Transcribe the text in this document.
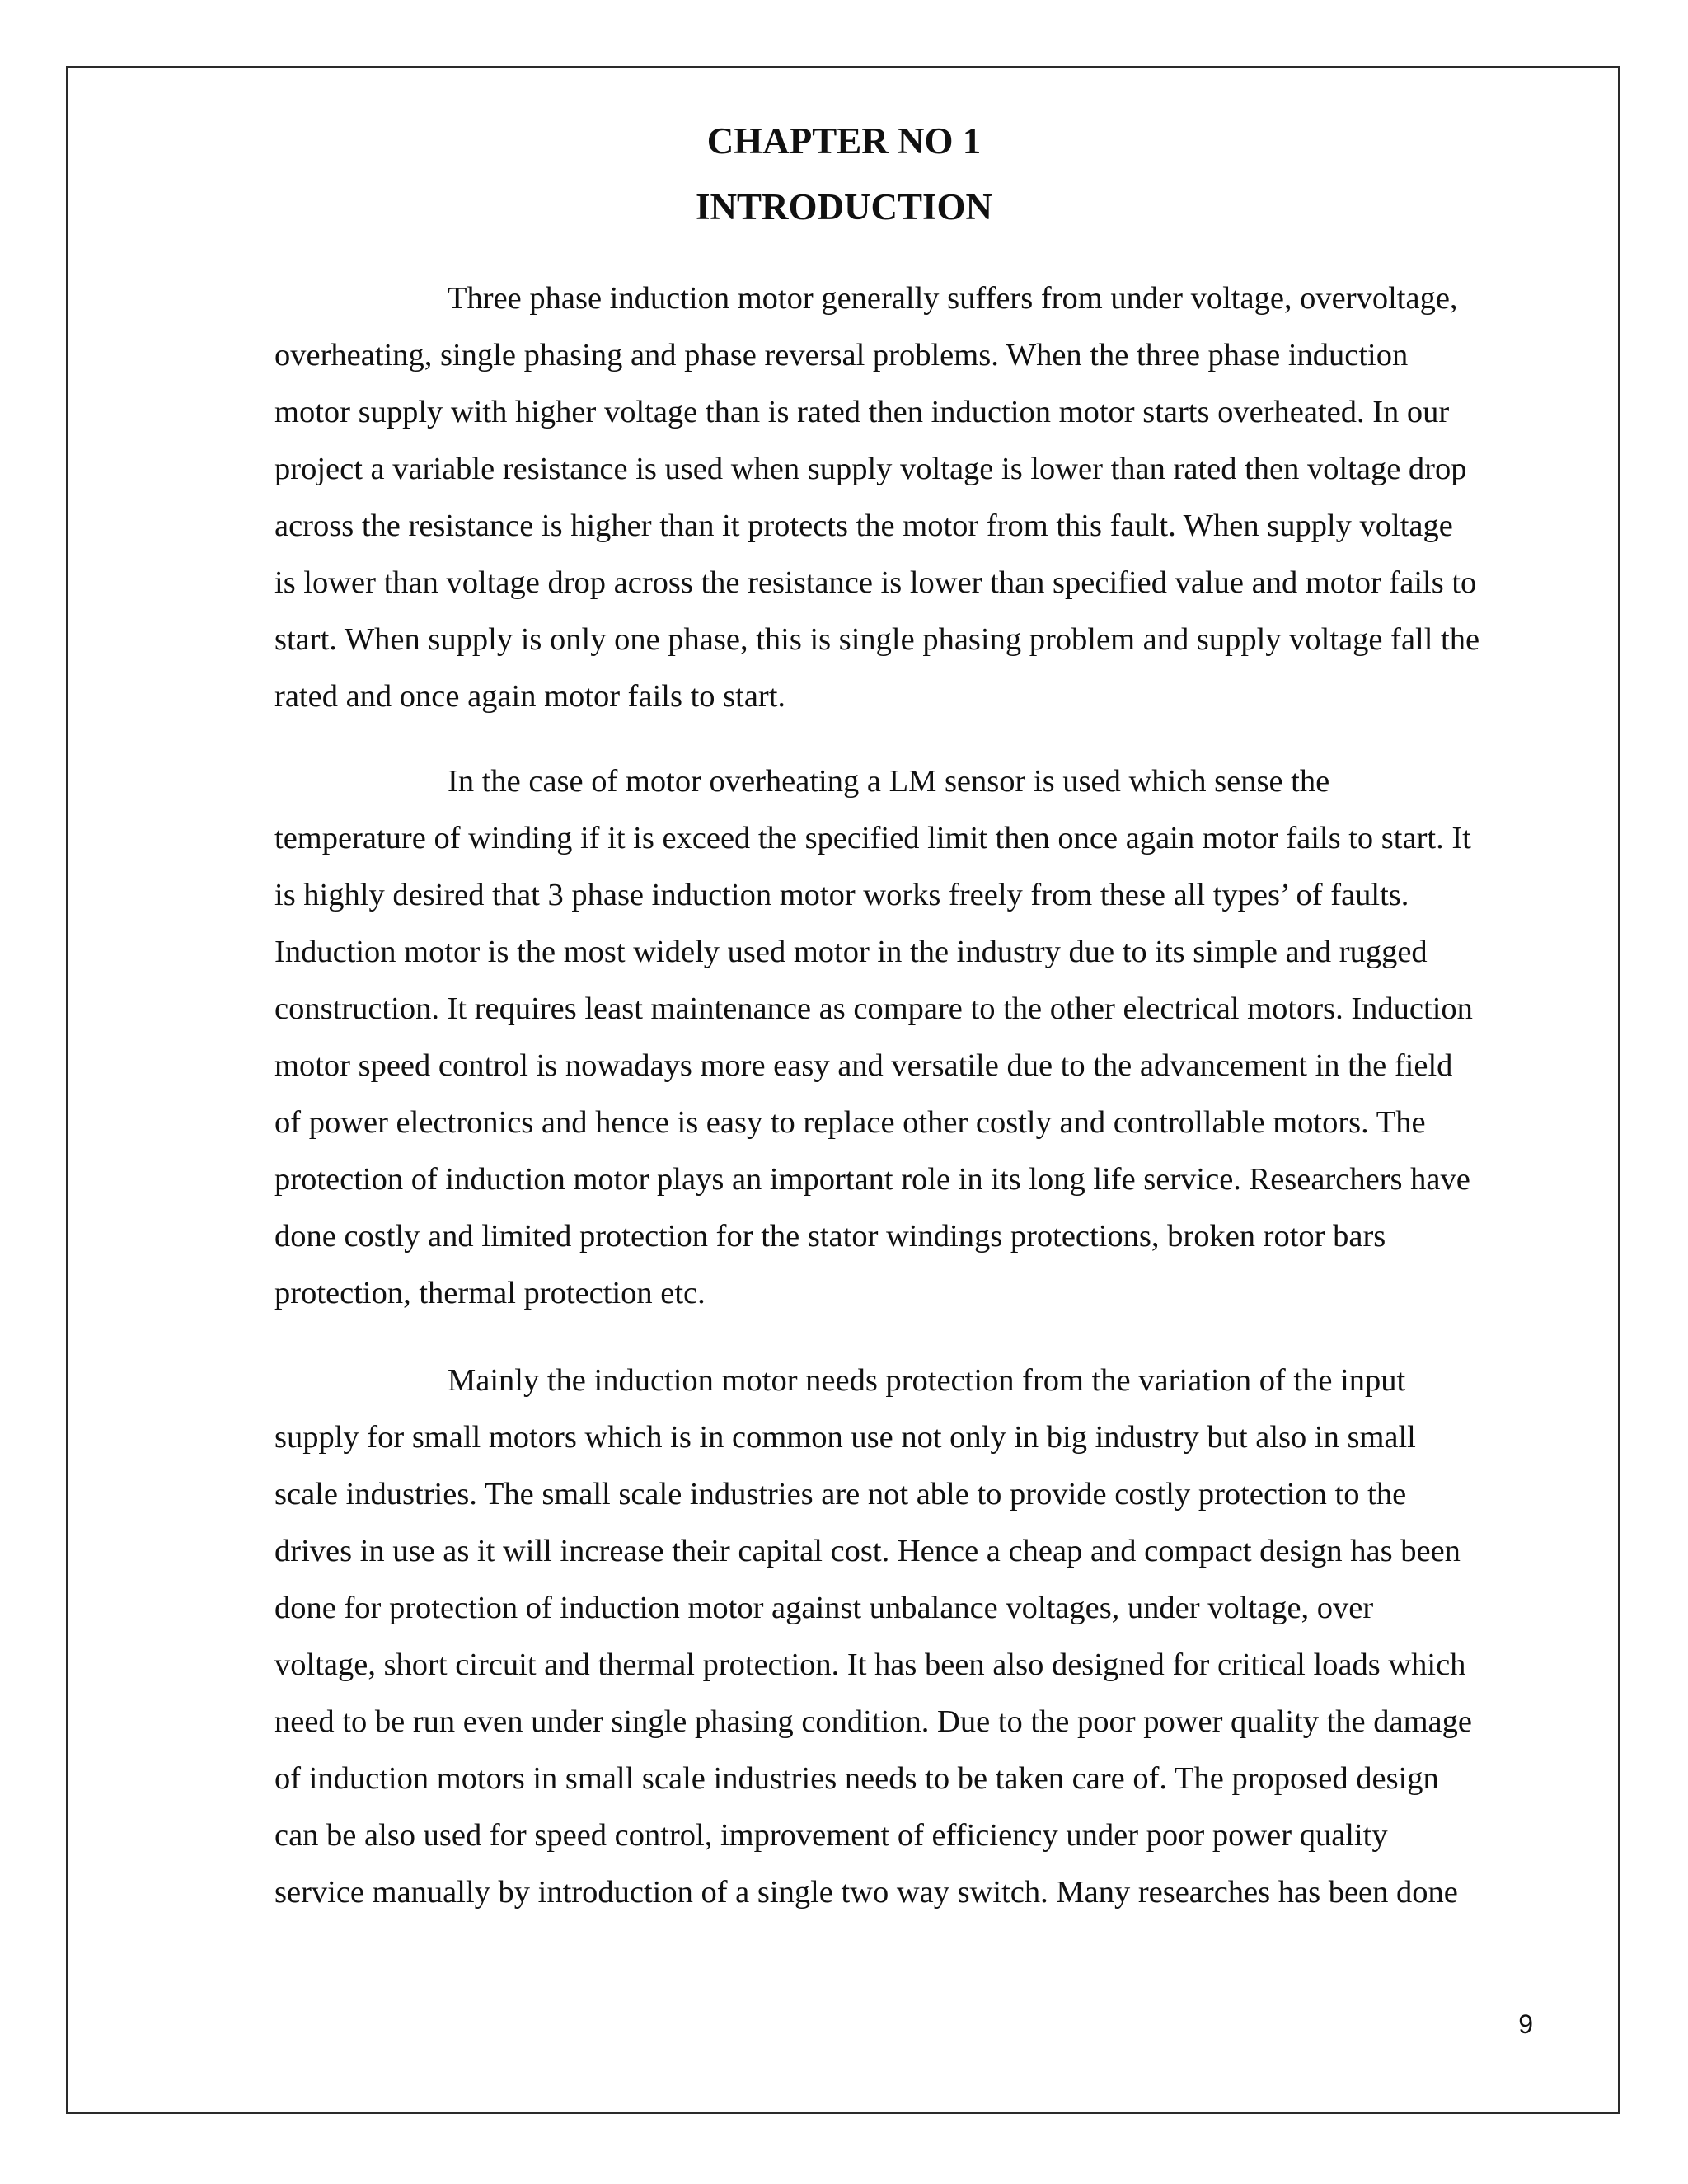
CHAPTER NO 1
INTRODUCTION

Three phase induction motor generally suffers from under voltage, overvoltage,
overheating, single phasing and phase reversal problems. When the three phase induction
motor supply with higher voltage than is rated then induction motor starts overheated. In our
project a variable resistance is used when supply voltage is lower than rated then voltage drop
across the resistance is higher than it protects the motor from this fault. When supply voltage
is lower than voltage drop across the resistance is lower than specified value and motor fails to
start. When supply is only one phase, this is single phasing problem and supply voltage fall the
rated and once again motor fails to start.

In the case of motor overheating a LM sensor is used which sense the
temperature of winding if it is exceed the specified limit then once again motor fails to start. It
is highly desired that 3 phase induction motor works freely from these all types’ of faults.
Induction motor is the most widely used motor in the industry due to its simple and rugged
construction. It requires least maintenance as compare to the other electrical motors. Induction
motor speed control is nowadays more easy and versatile due to the advancement in the field
of power electronics and hence is easy to replace other costly and controllable motors. The
protection of induction motor plays an important role in its long life service. Researchers have
done costly and limited protection for the stator windings protections, broken rotor bars
protection, thermal protection etc.

Mainly the induction motor needs protection from the variation of the input
supply for small motors which is in common use not only in big industry but also in small
scale industries. The small scale industries are not able to provide costly protection to the
drives in use as it will increase their capital cost. Hence a cheap and compact design has been
done for protection of induction motor against unbalance voltages, under voltage, over
voltage, short circuit and thermal protection. It has been also designed for critical loads which
need to be run even under single phasing condition. Due to the poor power quality the damage
of induction motors in small scale industries needs to be taken care of. The proposed design
can be also used for speed control, improvement of efficiency under poor power quality
service manually by introduction of a single two way switch. Many researches has been done

9
